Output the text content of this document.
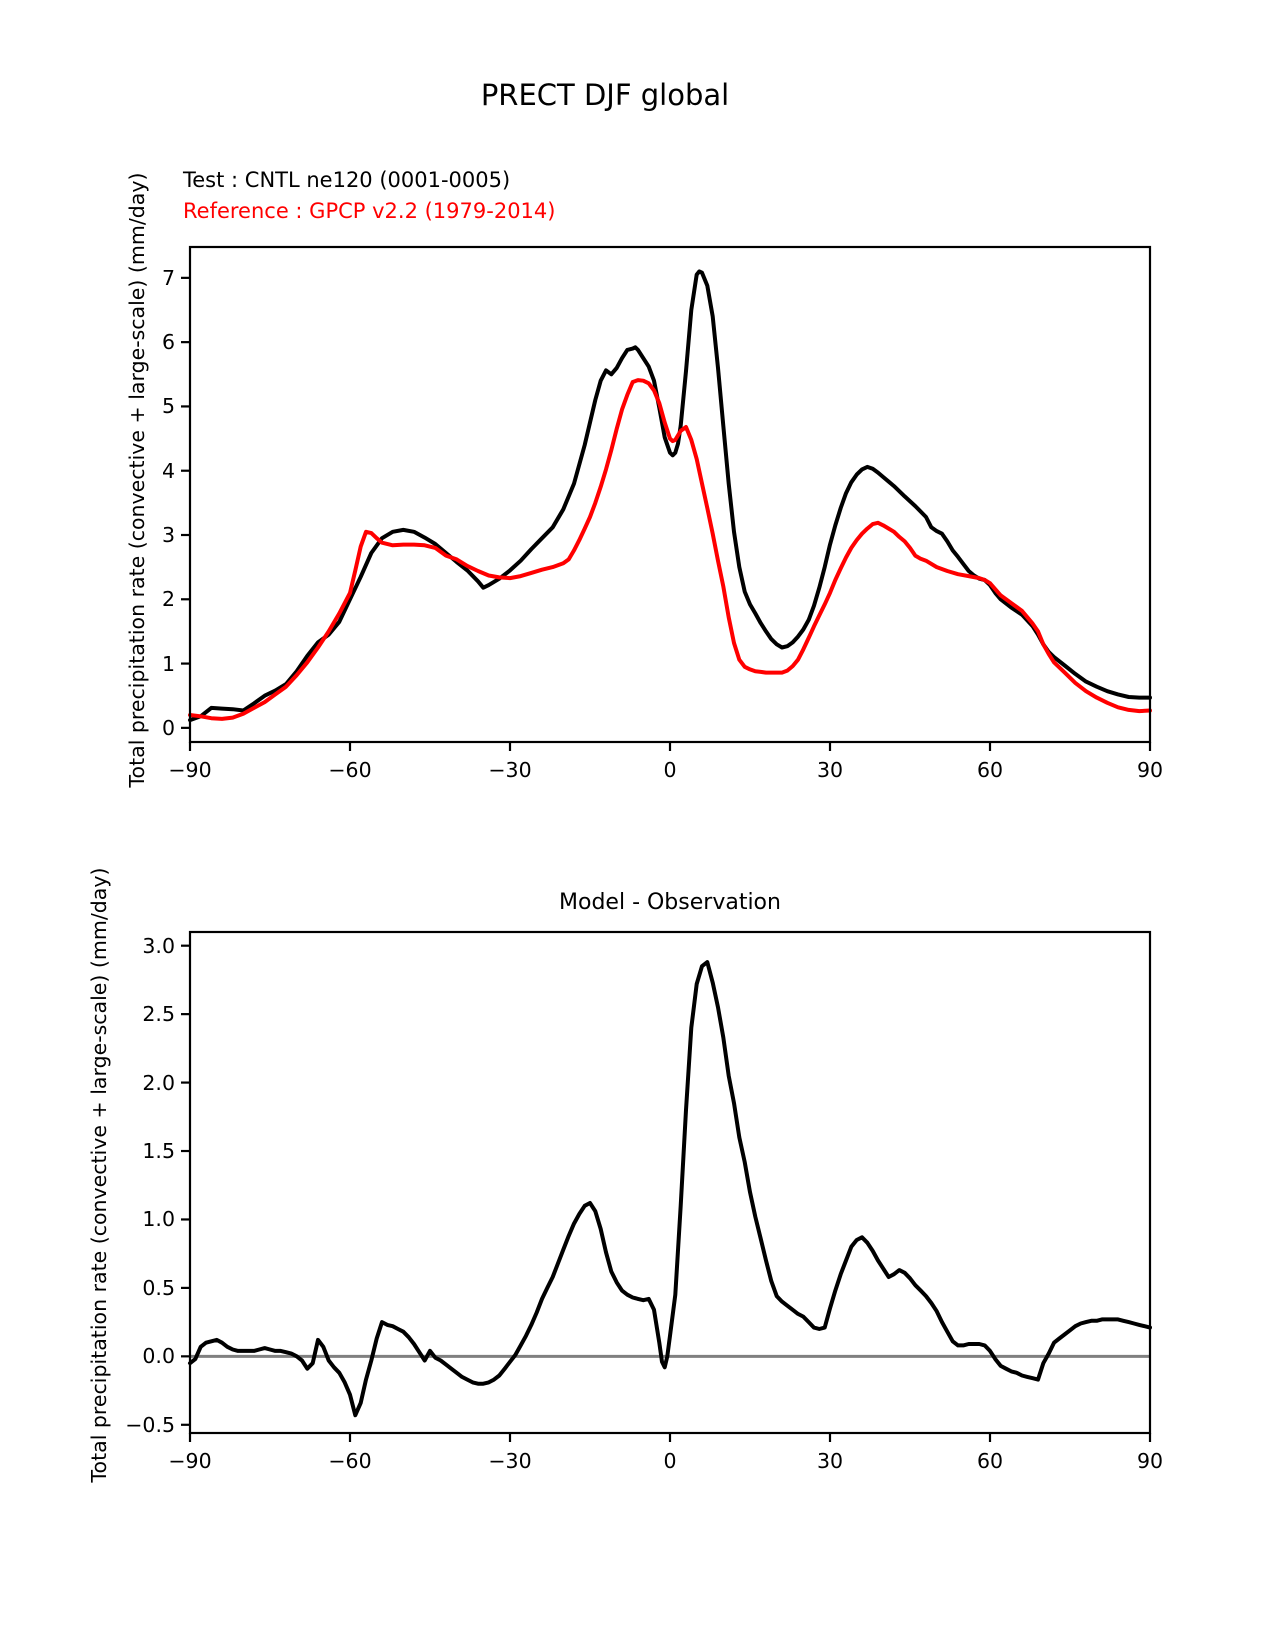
PRECT DJF global
Test : CNTL ne120 (0001-0005)
Reference : GPCP v2.2 (1979-2014)
Model - Observation
Total precipitation rate (convective + large-scale) (mm/day)
Total precipitation rate (convective + large-scale) (mm/day)
−90	−60	−30	0	30	60	90
0
1
2
3
4
5
6
7
−90	−60	−30	0	30	60	90
−0.5
0.0
0.5
1.0
1.5
2.0
2.5
3.0
